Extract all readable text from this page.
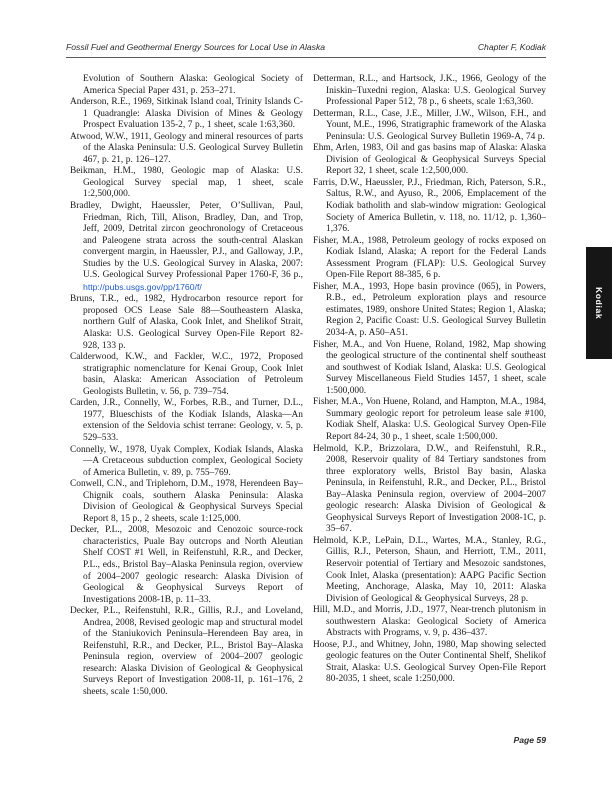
Fossil Fuel and Geothermal Energy Sources for Local Use in Alaska	Chapter F, Kodiak

Evolution of Southern Alaska: Geological Society of America Special Paper 431, p. 253–271.

Anderson, R.E., 1969, Sitkinak Island coal, Trinity Islands C-1 Quadrangle: Alaska Division of Mines & Geology Prospect Evaluation 135-2, 7 p., 1 sheet, scale 1:63,360.

Atwood, W.W., 1911, Geology and mineral resources of parts of the Alaska Peninsula: U.S. Geological Survey Bulletin 467, p. 21, p. 126–127.

Beikman, H.M., 1980, Geologic map of Alaska: U.S. Geological Survey special map, 1 sheet, scale 1:2,500,000.

Bradley, Dwight, Haeussler, Peter, O’Sullivan, Paul, Friedman, Rich, Till, Alison, Bradley, Dan, and Trop, Jeff, 2009, Detrital zircon geochronology of Cretaceous and Paleogene strata across the south-central Alaskan convergent margin, in Haeussler, P.J., and Galloway, J.P., Studies by the U.S. Geological Survey in Alaska, 2007: U.S. Geological Survey Professional Paper 1760-F, 36 p., http://pubs.usgs.gov/pp/1760/f/

Bruns, T.R., ed., 1982, Hydrocarbon resource report for proposed OCS Lease Sale 88—Southeastern Alaska, northern Gulf of Alaska, Cook Inlet, and Shelikof Strait, Alaska: U.S. Geological Survey Open-File Report 82-928, 133 p.

Calderwood, K.W., and Fackler, W.C., 1972, Proposed stratigraphic nomenclature for Kenai Group, Cook Inlet basin, Alaska: American Association of Petroleum Geologists Bulletin, v. 56, p. 739–754.

Carden, J.R., Connelly, W., Forbes, R.B., and Turner, D.L., 1977, Blueschists of the Kodiak Islands, Alaska—An extension of the Seldovia schist terrane: Geology, v. 5, p. 529–533.

Connelly, W., 1978, Uyak Complex, Kodiak Islands, Alaska—A Cretaceous subduction complex, Geological Society of America Bulletin, v. 89, p. 755–769.

Conwell, C.N., and Triplehorn, D.M., 1978, Herendeen Bay–Chignik coals, southern Alaska Peninsula: Alaska Division of Geological & Geophysical Surveys Special Report 8, 15 p., 2 sheets, scale 1:125,000.

Decker, P.L., 2008, Mesozoic and Cenozoic source-rock characteristics, Puale Bay outcrops and North Aleutian Shelf COST #1 Well, in Reifenstuhl, R.R., and Decker, P.L., eds., Bristol Bay–Alaska Peninsula region, overview of 2004–2007 geologic research: Alaska Division of Geological & Geophysical Surveys Report of Investigations 2008-1B, p. 11–33.

Decker, P.L., Reifenstuhl, R.R., Gillis, R.J., and Loveland, Andrea, 2008, Revised geologic map and structural model of the Staniukovich Peninsula–Herendeen Bay area, in Reifenstuhl, R.R., and Decker, P.L., Bristol Bay–Alaska Peninsula region, overview of 2004–2007 geologic research: Alaska Division of Geological & Geophysical Surveys Report of Investigation 2008-1I, p. 161–176, 2 sheets, scale 1:50,000.

Detterman, R.L., and Hartsock, J.K., 1966, Geology of the Iniskin–Tuxedni region, Alaska: U.S. Geological Survey Professional Paper 512, 78 p., 6 sheets, scale 1:63,360.

Detterman, R.L., Case, J.E., Miller, J.W., Wilson, F.H., and Yount, M.E., 1996, Stratigraphic framework of the Alaska Peninsula: U.S. Geological Survey Bulletin 1969-A, 74 p.

Ehm, Arlen, 1983, Oil and gas basins map of Alaska: Alaska Division of Geological & Geophysical Surveys Special Report 32, 1 sheet, scale 1:2,500,000.

Farris, D.W., Haeussler, P.J., Friedman, Rich, Paterson, S.R., Saltus, R.W., and Ayuso, R., 2006, Emplacement of the Kodiak batholith and slab-window migration: Geological Society of America Bulletin, v. 118, no. 11/12, p. 1,360–1,376.

Fisher, M.A., 1988, Petroleum geology of rocks exposed on Kodiak Island, Alaska; A report for the Federal Lands Assessment Program (FLAP): U.S. Geological Survey Open-File Report 88-385, 6 p.

Fisher, M.A., 1993, Hope basin province (065), in Powers, R.B., ed., Petroleum exploration plays and resource estimates, 1989, onshore United States; Region 1, Alaska; Region 2, Pacific Coast: U.S. Geological Survey Bulletin 2034-A, p. A50–A51.

Fisher, M.A., and Von Huene, Roland, 1982, Map showing the geological structure of the continental shelf southeast and southwest of Kodiak Island, Alaska: U.S. Geological Survey Miscellaneous Field Studies 1457, 1 sheet, scale 1:500,000.

Fisher, M.A., Von Huene, Roland, and Hampton, M.A., 1984, Summary geologic report for petroleum lease sale #100, Kodiak Shelf, Alaska: U.S. Geological Survey Open-File Report 84-24, 30 p., 1 sheet, scale 1:500,000.

Helmold, K.P., Brizzolara, D.W., and Reifenstuhl, R.R., 2008, Reservoir quality of 84 Tertiary sandstones from three exploratory wells, Bristol Bay basin, Alaska Peninsula, in Reifenstuhl, R.R., and Decker, P.L., Bristol Bay–Alaska Peninsula region, overview of 2004–2007 geologic research: Alaska Division of Geological & Geophysical Surveys Report of Investigation 2008-1C, p. 35–67.

Helmold, K.P., LePain, D.L., Wartes, M.A., Stanley, R.G., Gillis, R.J., Peterson, Shaun, and Herriott, T.M., 2011, Reservoir potential of Tertiary and Mesozoic sandstones, Cook Inlet, Alaska (presentation): AAPG Pacific Section Meeting, Anchorage, Alaska, May 10, 2011: Alaska Division of Geological & Geophysical Surveys, 28 p.

Hill, M.D., and Morris, J.D., 1977, Near-trench plutonism in southwestern Alaska: Geological Society of America Abstracts with Programs, v. 9, p. 436–437.

Hoose, P.J., and Whitney, John, 1980, Map showing selected geologic features on the Outer Continental Shelf, Shelikof Strait, Alaska: U.S. Geological Survey Open-File Report 80-2035, 1 sheet, scale 1:250,000.

Kodiak
Page 59
